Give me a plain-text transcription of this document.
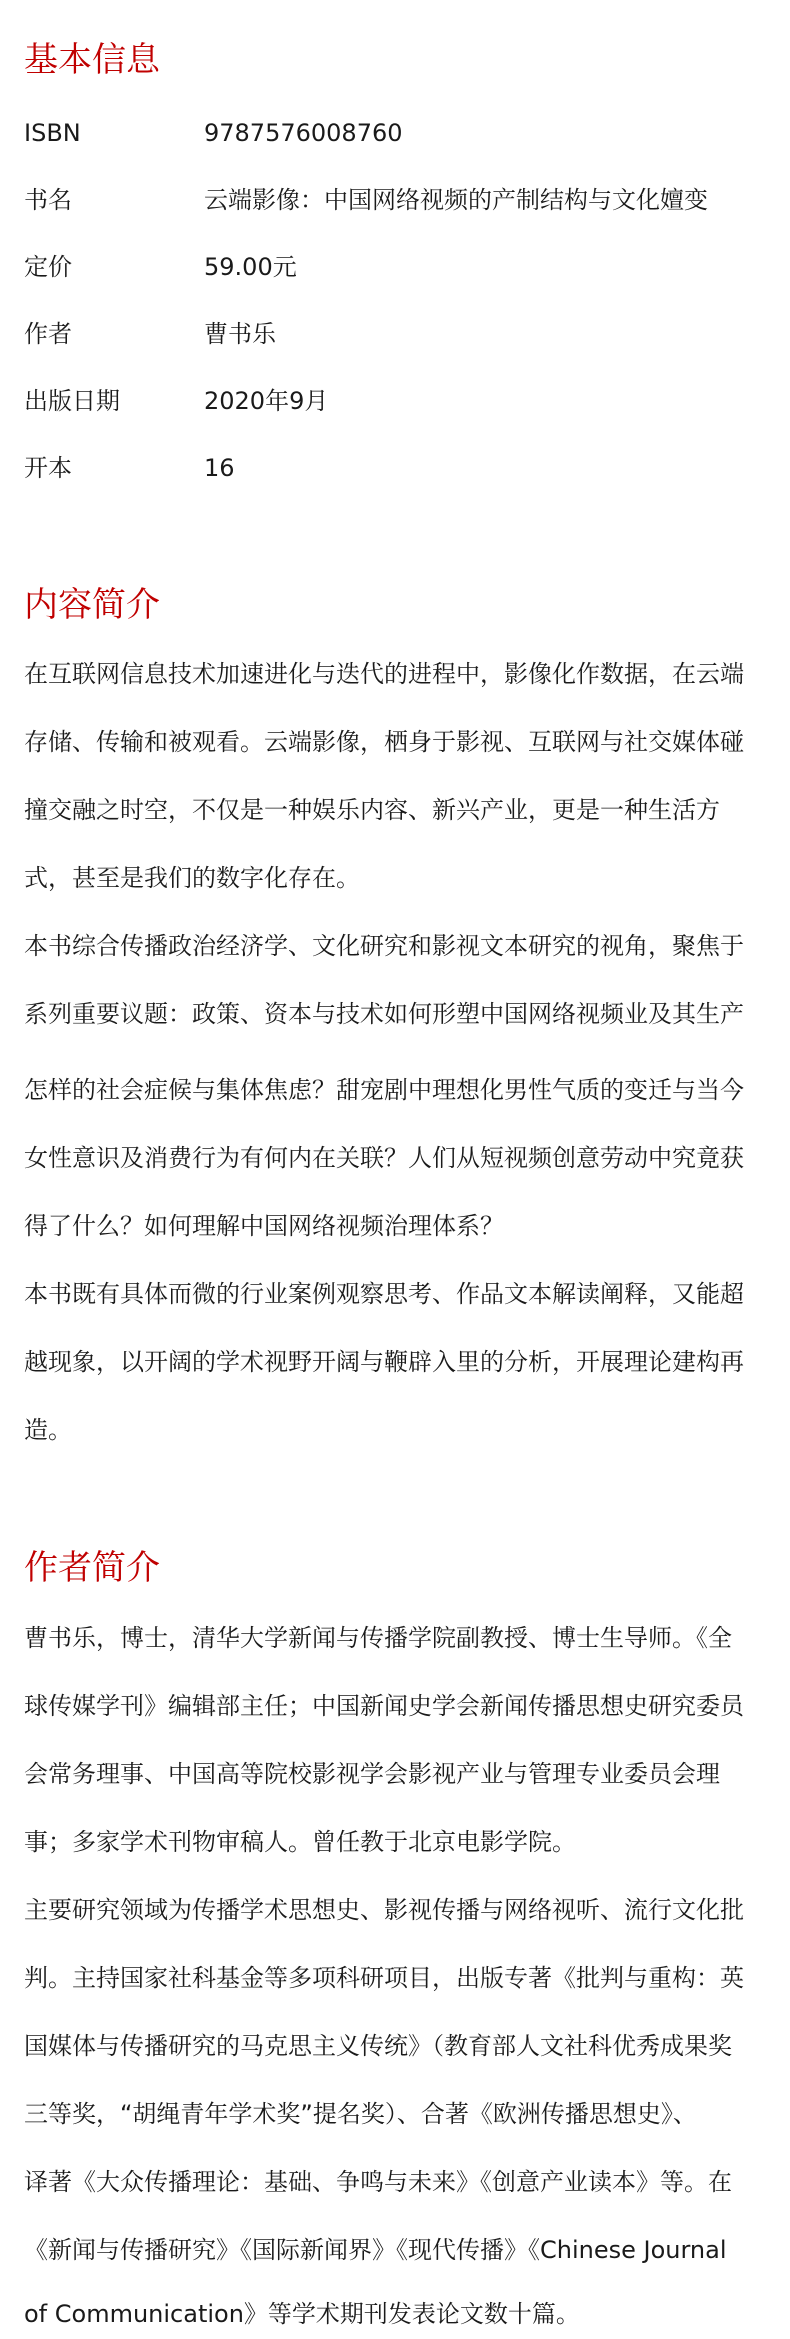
基本信息
ISBN	9787576008760
书名	云端影像：中国网络视频的产制结构与文化嬗变
定价	59.00元
作者	曹书乐
出版日期	2020年9月
开本	16
内容简介
在互联网信息技术加速进化与迭代的进程中，影像化作数据，在云端
存储、传输和被观看。云端影像，栖身于影视、互联网与社交媒体碰
撞交融之时空，不仅是一种娱乐内容、新兴产业，更是一种生活方
式，甚至是我们的数字化存在。
本书综合传播政治经济学、文化研究和影视文本研究的视角，聚焦于
系列重要议题：政策、资本与技术如何形塑中国网络视频业及其生产
怎样的社会症候与集体焦虑？甜宠剧中理想化男性气质的变迁与当今
女性意识及消费行为有何内在关联？人们从短视频创意劳动中究竟获
得了什么？如何理解中国网络视频治理体系？
本书既有具体而微的行业案例观察思考、作品文本解读阐释，又能超
越现象，以开阔的学术视野开阔与鞭辟入里的分析，开展理论建构再
造。
作者简介
曹书乐，博士，清华大学新闻与传播学院副教授、博士生导师。《全
球传媒学刊》编辑部主任；中国新闻史学会新闻传播思想史研究委员
会常务理事、中国高等院校影视学会影视产业与管理专业委员会理
事；多家学术刊物审稿人。曾任教于北京电影学院。
主要研究领域为传播学术思想史、影视传播与网络视听、流行文化批
判。主持国家社科基金等多项科研项目，出版专著《批判与重构：英
国媒体与传播研究的马克思主义传统》（教育部人文社科优秀成果奖
三等奖，“胡绳青年学术奖”提名奖）、合著《欧洲传播思想史》、
译著《大众传播理论：基础、争鸣与未来》《创意产业读本》等。在
《新闻与传播研究》《国际新闻界》《现代传播》《Chinese Journal
of Communication》等学术期刊发表论文数十篇。
